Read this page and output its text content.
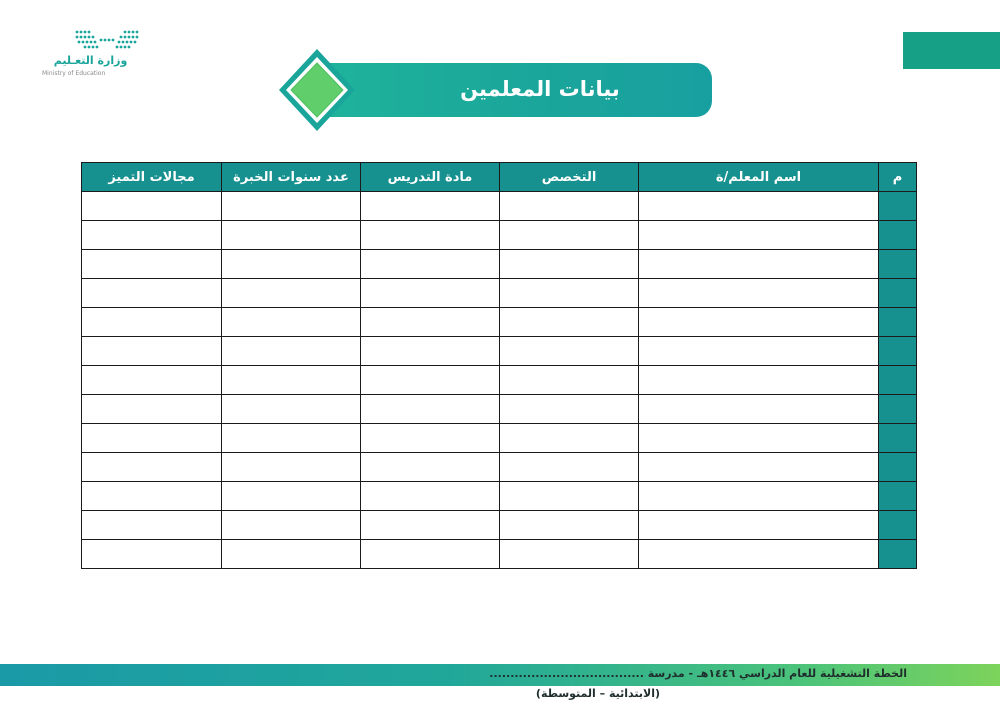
وزارة التعـليم
Ministry of Education
بيانات المعلمين
م	اسم المعلم/ة	التخصص	مادة التدريس	عدد سنوات الخبرة	مجالات التميز

الخطة التشغيلية للعام الدراسي ١٤٤٦هـ - مدرسة .....................................
(الابتدائية – المتوسطة)
